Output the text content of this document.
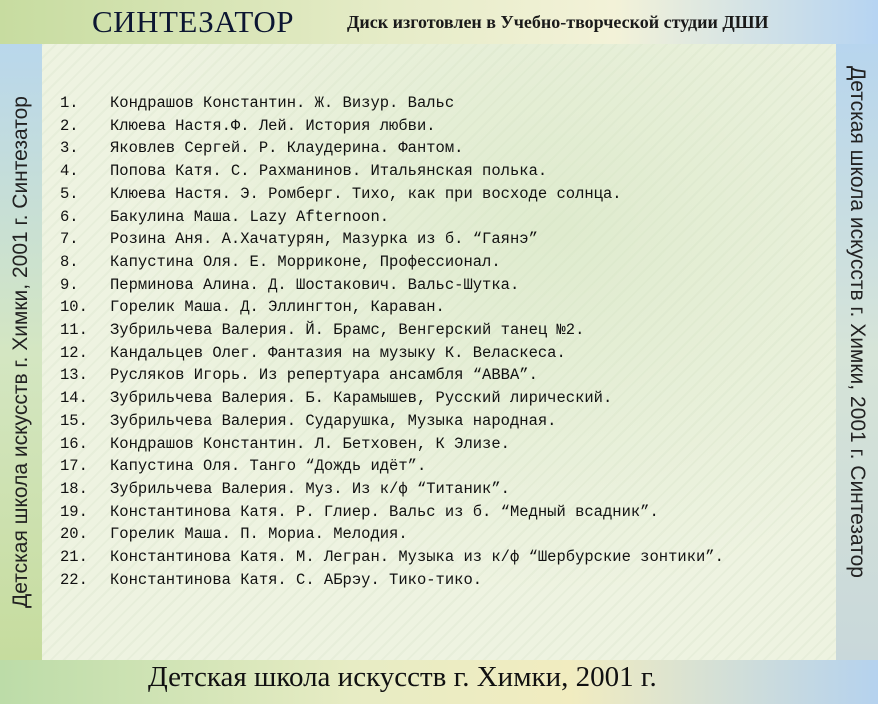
СИНТЕЗАТОР	Диск изготовлен в Учебно-творческой студии ДШИ
Детская школа искусств г. Химки, 2001 г. Синтезатор	Детская школа искусств г. Химки, 2001 г. Синтезатор
1.	Кондрашов Константин. Ж. Визур. Вальс
2.	Клюева Настя.Ф. Лей. История любви.
3.	Яковлев Сергей. Р. Клаудерина. Фантом.
4.	Попова Катя. С. Рахманинов. Итальянская полька.
5.	Клюева Настя. Э. Ромберг. Тихо, как при восходе солнца.
6.	Бакулина Маша. Lazy Afternoon.
7.	Розина Аня. А.Хачатурян, Мазурка из б. “Гаянэ”
8.	Капустина Оля. Е. Морриконе, Профессионал.
9.	Перминова Алина. Д. Шостакович. Вальс-Шутка.
10.	Горелик Маша. Д. Эллингтон, Караван.
11.	Зубрильчева Валерия. Й. Брамс, Венгерский танец №2.
12.	Кандальцев Олег. Фантазия на музыку К. Веласкеса.
13.	Русляков Игорь. Из репертуара ансамбля “АВВА”.
14.	Зубрильчева Валерия. Б. Карамышев, Русский лирический.
15.	Зубрильчева Валерия. Сударушка, Музыка народная.
16.	Кондрашов Константин. Л. Бетховен, К Элизе.
17.	Капустина Оля. Танго “Дождь идёт”.
18.	Зубрильчева Валерия. Муз. Из к/ф “Титаник”.
19.	Константинова Катя. Р. Глиер. Вальс из б. “Медный всадник”.
20.	Горелик Маша. П. Мориа. Мелодия.
21.	Константинова Катя. М. Легран. Музыка из к/ф “Шербурские зонтики”.
22.	Константинова Катя. С. АБрэу. Тико-тико.
Детская школа искусств г. Химки, 2001 г.
